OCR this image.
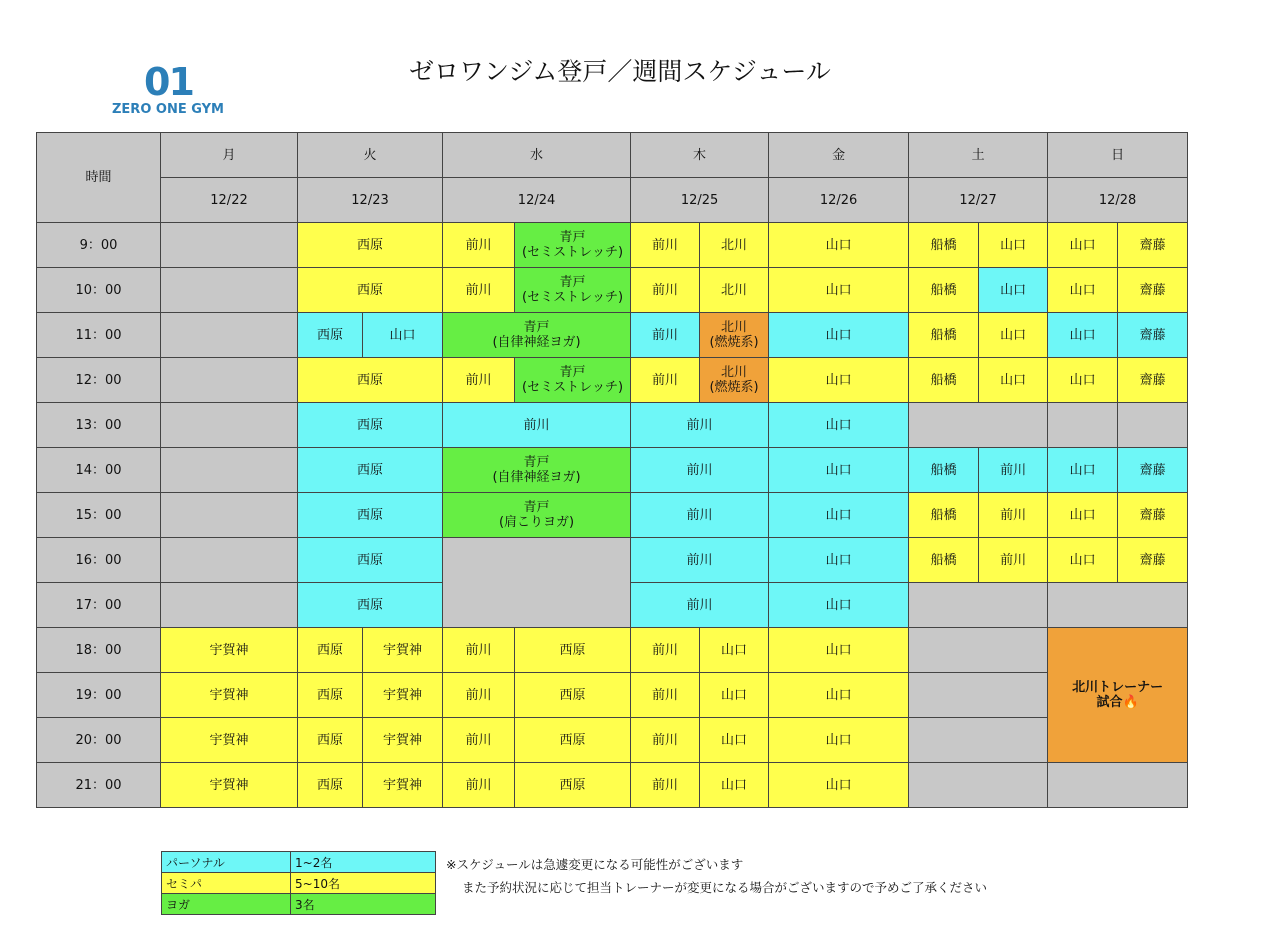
01
ZERO ONE GYM
ゼロワンジム登戸／週間スケジュール
時間	月	火		水		木		金	土		日	
	12/22	12/23		12/24		12/25		12/26	12/27		12/28	
9：00		西原		前川	青戸
(セミストレッチ)	前川	北川	山口	船橋	山口	山口	齋藤
10：00		西原		前川	青戸
(セミストレッチ)	前川	北川	山口	船橋	山口	山口	齋藤
11：00		西原	山口	青戸
(自律神経ヨガ)		前川	北川
(燃焼系)	山口	船橋	山口	山口	齋藤
12：00		西原		前川	青戸
(セミストレッチ)	前川	北川
(燃焼系)	山口	船橋	山口	山口	齋藤
13：00		西原		前川		前川		山口				
14：00		西原		青戸
(自律神経ヨガ)		前川		山口	船橋	前川	山口	齋藤
15：00		西原		青戸
(肩こりヨガ)		前川		山口	船橋	前川	山口	齋藤
16：00		西原				前川		山口	船橋	前川	山口	齋藤
17：00		西原				前川		山口				
18：00	宇賀神	西原	宇賀神	前川	西原	前川	山口	山口			北川トレーナー
試合🔥	
19：00	宇賀神	西原	宇賀神	前川	西原	前川	山口	山口				
20：00	宇賀神	西原	宇賀神	前川	西原	前川	山口	山口				
21：00	宇賀神	西原	宇賀神	前川	西原	前川	山口	山口				
パーソナル	1~2名
セミパ	5~10名
ヨガ	3名
※スケジュールは急遽変更になる可能性がございます
また予約状況に応じて担当トレーナーが変更になる場合がございますので予めご了承ください
